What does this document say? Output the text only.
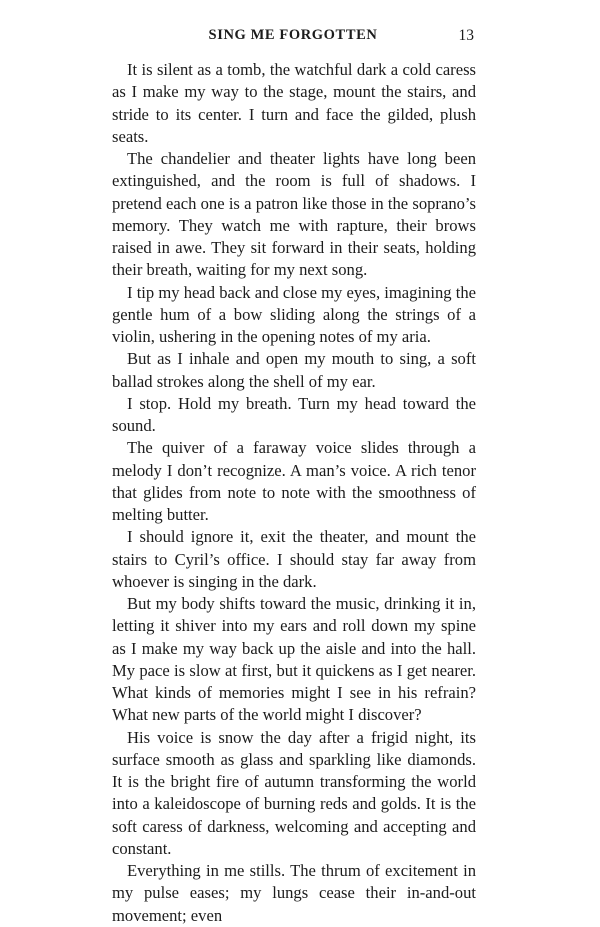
SING ME FORGOTTEN	13

It is silent as a tomb, the watchful dark a cold caress as I make my way to the stage, mount the stairs, and stride to its center. I turn and face the gilded, plush seats.

The chandelier and theater lights have long been extinguished, and the room is full of shadows. I pretend each one is a patron like those in the soprano’s memory. They watch me with rapture, their brows raised in awe. They sit forward in their seats, holding their breath, waiting for my next song.

I tip my head back and close my eyes, imagining the gentle hum of a bow sliding along the strings of a violin, ushering in the opening notes of my aria.

But as I inhale and open my mouth to sing, a soft ballad strokes along the shell of my ear.

I stop. Hold my breath. Turn my head toward the sound.

The quiver of a faraway voice slides through a melody I don’t recognize. A man’s voice. A rich tenor that glides from note to note with the smoothness of melting butter.

I should ignore it, exit the theater, and mount the stairs to Cyril’s office. I should stay far away from whoever is singing in the dark.

But my body shifts toward the music, drinking it in, letting it shiver into my ears and roll down my spine as I make my way back up the aisle and into the hall. My pace is slow at first, but it quickens as I get nearer. What kinds of memories might I see in his refrain? What new parts of the world might I discover?

His voice is snow the day after a frigid night, its surface smooth as glass and sparkling like diamonds. It is the bright fire of autumn transforming the world into a kaleidoscope of burning reds and golds. It is the soft caress of darkness, welcoming and accepting and constant.

Everything in me stills. The thrum of excitement in my pulse eases; my lungs cease their in-and-out movement; even
